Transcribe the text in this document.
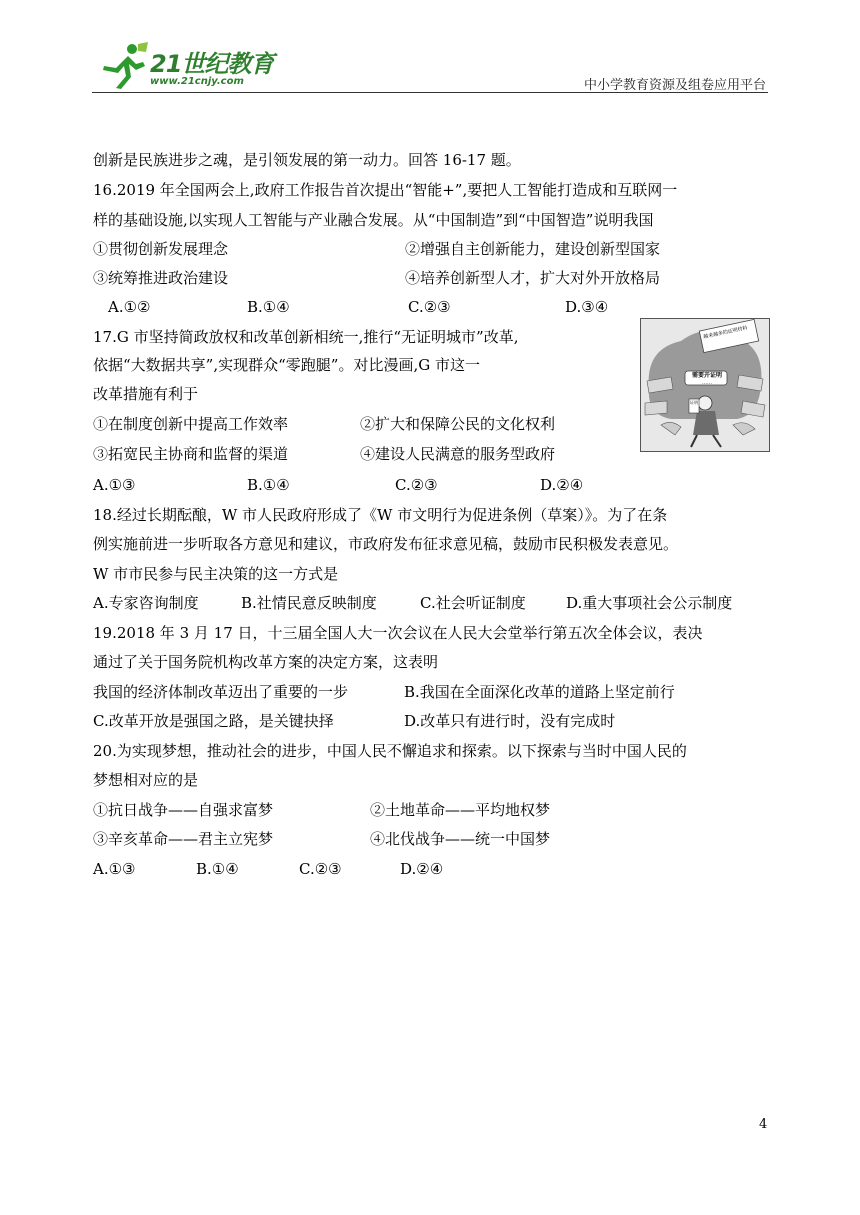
21世纪教育
www.21cnjy.com	中小学教育资源及组卷应用平台
创新是民族进步之魂，是引领发展的第一动力。回答 16-17 题。
16.2019 年全国两会上,政府工作报告首次提出“智能+”,要把人工智能打造成和互联网一
样的基础设施,以实现人工智能与产业融合发展。从“中国制造”到“中国智造”说明我国
①贯彻创新发展理念	②增强自主创新能力，建设创新型国家
③统筹推进政治建设	④培养创新型人才，扩大对外开放格局
A.①②	B.①④	C.②③	D.③④
17.G 市坚持简政放权和改革创新相统一,推行“无证明城市”改革,
依据“大数据共享”,实现群众“零跑腿”。对比漫画,G 市这一
改革措施有利于
①在制度创新中提高工作效率	②扩大和保障公民的文化权利
③拓宽民主协商和监督的渠道	④建设人民满意的服务型政府
A.①③	B.①④	C.②③	D.②④
需要开证明
……
越来越多的证明材料
证明
18.经过长期酝酿，W 市人民政府形成了《W 市文明行为促进条例（草案）》。为了在条
例实施前进一步听取各方意见和建议，市政府发布征求意见稿，鼓励市民积极发表意见。
W 市市民参与民主决策的这一方式是
A.专家咨询制度	B.社情民意反映制度	C.社会听证制度	D.重大事项社会公示制度
19.2018 年 3 月 17 日，十三届全国人大一次会议在人民大会堂举行第五次全体会议，表决
通过了关于国务院机构改革方案的决定方案，这表明
我国的经济体制改革迈出了重要的一步	B.我国在全面深化改革的道路上坚定前行
C.改革开放是强国之路，是关键抉择	D.改革只有进行时，没有完成时
20.为实现梦想，推动社会的进步，中国人民不懈追求和探索。以下探索与当时中国人民的
梦想相对应的是
①抗日战争——自强求富梦	②土地革命——平均地权梦
③辛亥革命——君主立宪梦	④北伐战争——统一中国梦
A.①③	B.①④	C.②③	D.②④
4
